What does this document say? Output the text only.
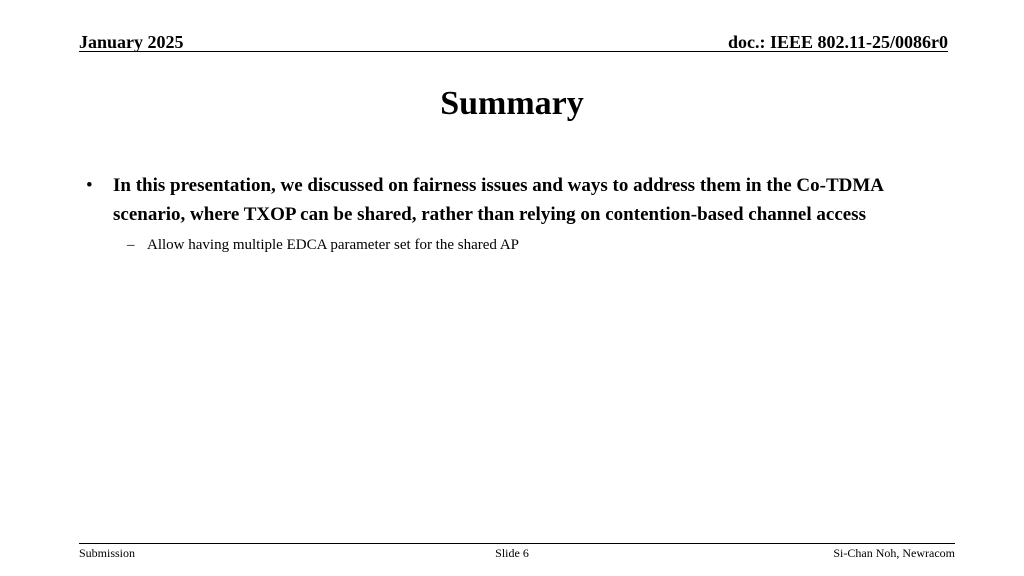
January 2025	doc.: IEEE 802.11-25/0086r0
Summary
•	In this presentation, we discussed on fairness issues and ways to address them in the Co-TDMA scenario, where TXOP can be shared, rather than relying on contention-based channel access
– Allow having multiple EDCA parameter set for the shared AP
Submission	Slide 6	Si-Chan Noh, Newracom
